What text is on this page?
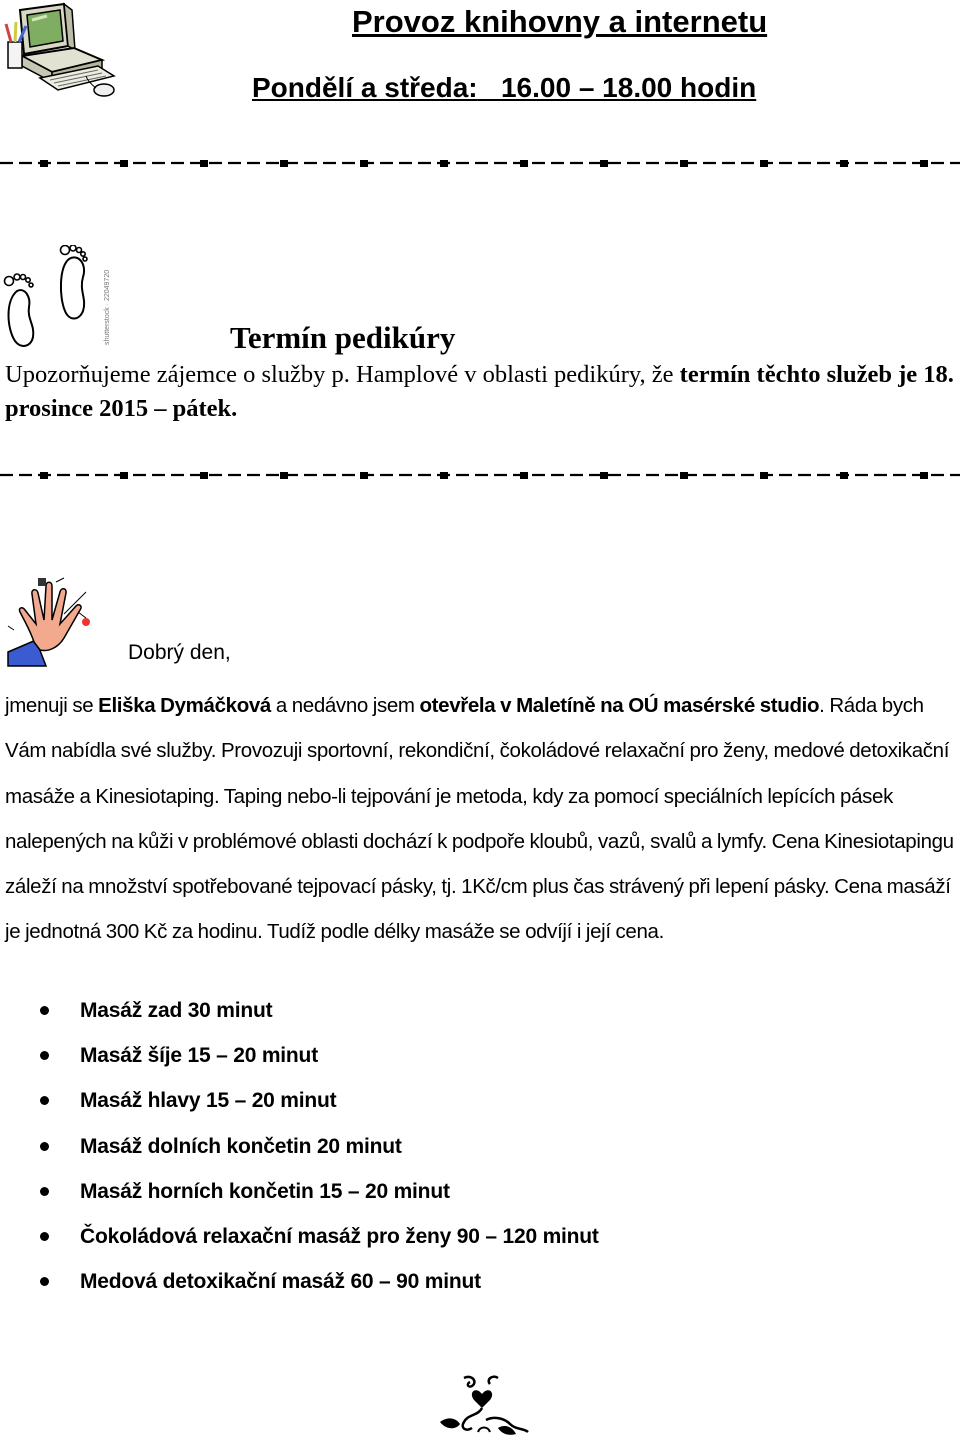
Provoz knihovny a internetu
Pondělí a středa: 16.00 – 18.00 hodin
shutterstock · 22049720	Termín pedikúry
Upozorňujeme zájemce o služby p. Hamplové v oblasti pedikúry, že termín těchto služeb je 18. prosince 2015 – pátek.
Dobrý den,
jmenuji se Eliška Dymáčková a nedávno jsem otevřela v Maletíně na OÚ masérské studio. Ráda bych Vám nabídla své služby. Provozuji sportovní, rekondiční, čokoládové relaxační pro ženy, medové detoxikační masáže a Kinesiotaping. Taping nebo-li tejpování je metoda, kdy za pomocí speciálních lepících pásek nalepených na kůži v problémové oblasti dochází k podpoře kloubů, vazů, svalů a lymfy. Cena Kinesiotapingu záleží na množství spotřebované tejpovací pásky, tj. 1Kč/cm plus čas strávený při lepení pásky. Cena masáží je jednotná 300 Kč za hodinu. Tudíž podle délky masáže se odvíjí i její cena.
Masáž zad 30 minut
Masáž šíje 15 – 20 minut
Masáž hlavy 15 – 20 minut
Masáž dolních končetin 20 minut
Masáž horních končetin 15 – 20 minut
Čokoládová relaxační masáž pro ženy 90 – 120 minut
Medová detoxikační masáž 60 – 90 minut
